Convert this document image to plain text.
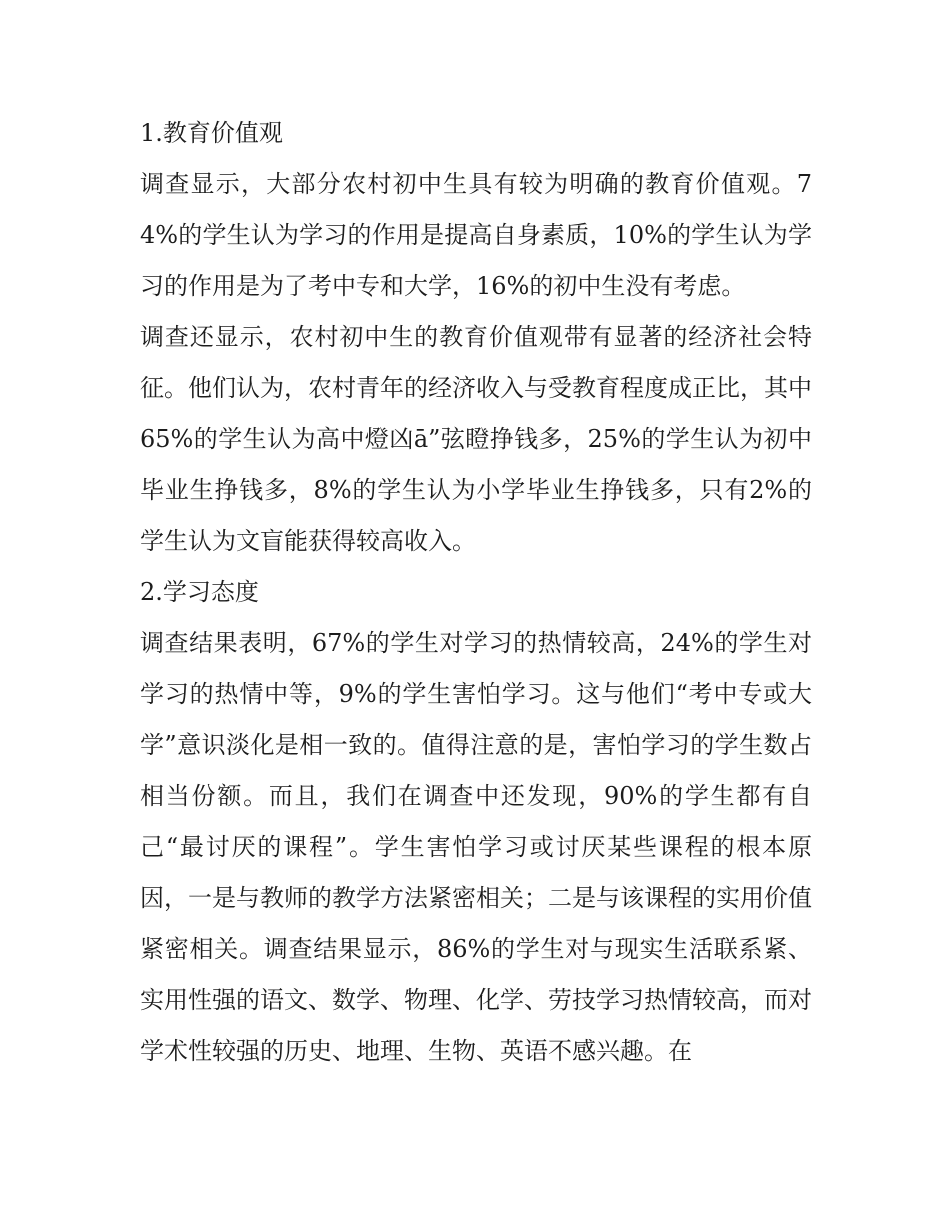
1.教育价值观

调查显示，大部分农村初中生具有较为明确的教育价值观。74%的学生认为学习的作用是提高自身素质，10%的学生认为学习的作用是为了考中专和大学，16%的初中生没有考虑。

调查还显示，农村初中生的教育价值观带有显著的经济社会特征。他们认为，农村青年的经济收入与受教育程度成正比，其中65%的学生认为高中燈凶ā”弦瞪挣钱多，25%的学生认为初中毕业生挣钱多，8%的学生认为小学毕业生挣钱多，只有2%的学生认为文盲能获得较高收入。

2.学习态度

调查结果表明，67%的学生对学习的热情较高，24%的学生对学习的热情中等，9%的学生害怕学习。这与他们“考中专或大学”意识淡化是相一致的。值得注意的是，害怕学习的学生数占相当份额。而且，我们在调查中还发现，90%的学生都有自己“最讨厌的课程”。学生害怕学习或讨厌某些课程的根本原因，一是与教师的教学方法紧密相关；二是与该课程的实用价值紧密相关。调查结果显示，86%的学生对与现实生活联系紧、实用性强的语文、数学、物理、化学、劳技学习热情较高，而对学术性较强的历史、地理、生物、英语不感兴趣。在
